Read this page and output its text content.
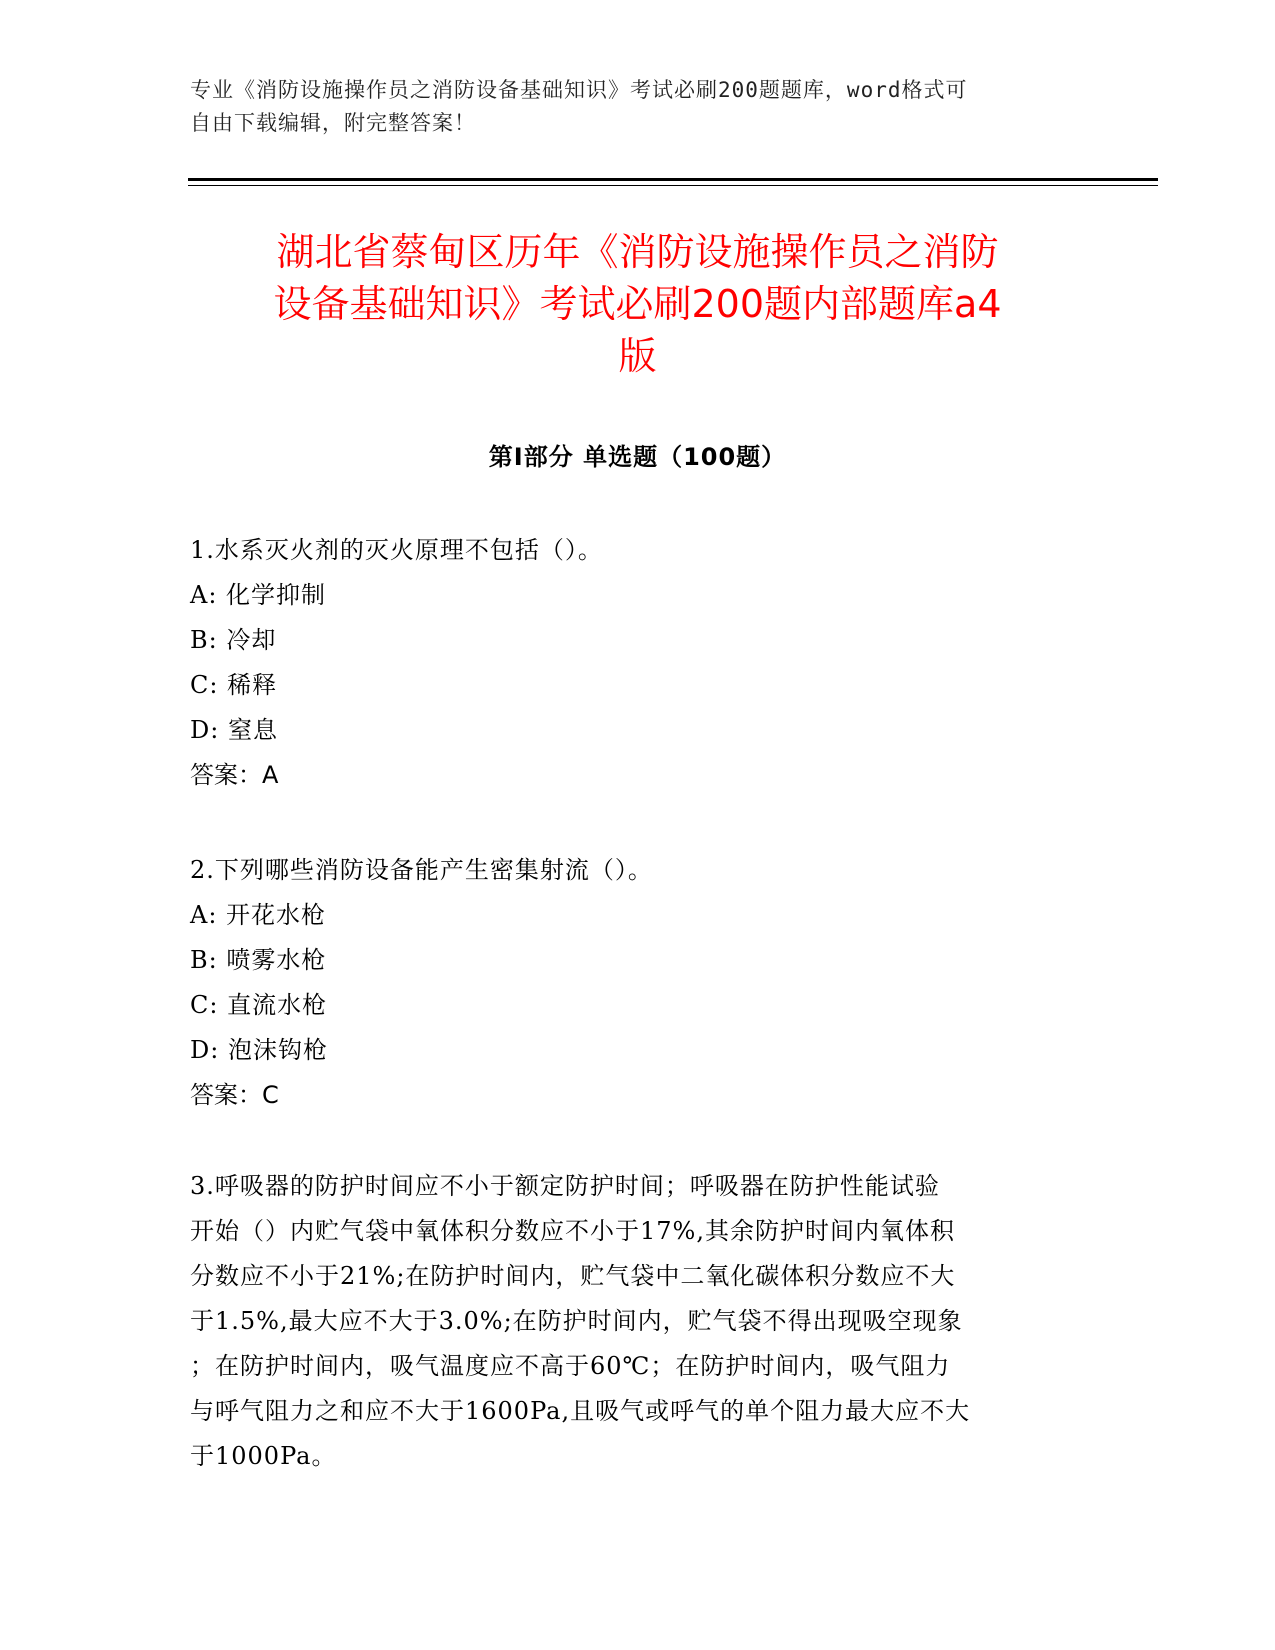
专业《消防设施操作员之消防设备基础知识》考试必刷200题题库，word格式可
自由下载编辑，附完整答案！
湖北省蔡甸区历年《消防设施操作员之消防
设备基础知识》考试必刷200题内部题库a4
版
第Ⅰ部分 单选题（100题）
1.水系灭火剂的灭火原理不包括（）。
A: 化学抑制
B: 冷却
C: 稀释
D: 窒息
答案：A
2.下列哪些消防设备能产生密集射流（）。
A: 开花水枪
B: 喷雾水枪
C: 直流水枪
D: 泡沫钩枪
答案：C
3.呼吸器的防护时间应不小于额定防护时间；呼吸器在防护性能试验
开始（）内贮气袋中氧体积分数应不小于17%,其余防护时间内氧体积
分数应不小于21%;在防护时间内，贮气袋中二氧化碳体积分数应不大
于1.5%,最大应不大于3.0%;在防护时间内，贮气袋不得出现吸空现象
；在防护时间内，吸气温度应不高于60℃；在防护时间内，吸气阻力
与呼气阻力之和应不大于1600Pa,且吸气或呼气的单个阻力最大应不大
于1000Pa。
